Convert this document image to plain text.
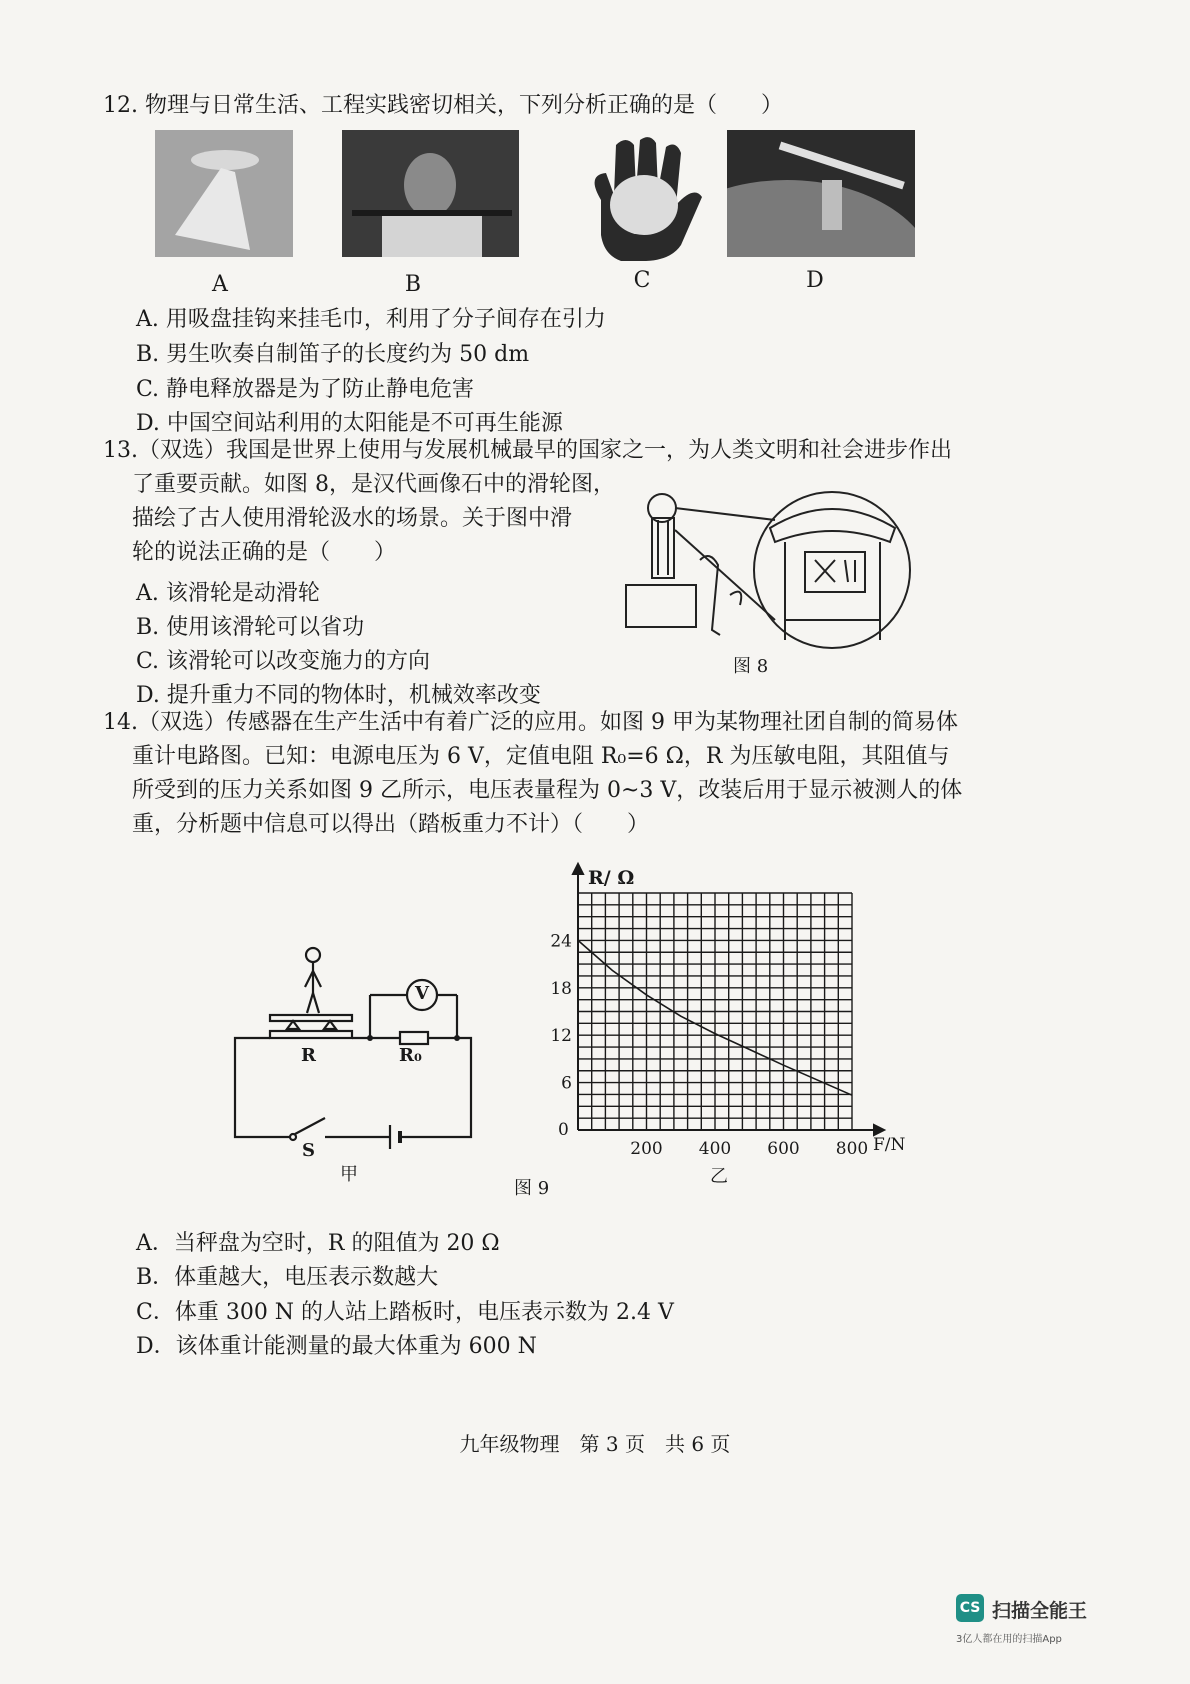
12. 物理与日常生活、工程实践密切相关，下列分析正确的是（　　）
A	B	C	D
A. 用吸盘挂钩来挂毛巾，利用了分子间存在引力
B. 男生吹奏自制笛子的长度约为 50 dm
C. 静电释放器是为了防止静电危害
D. 中国空间站利用的太阳能是不可再生能源
13.（双选）我国是世界上使用与发展机械最早的国家之一，为人类文明和社会进步作出
了重要贡献。如图 8，是汉代画像石中的滑轮图，
描绘了古人使用滑轮汲水的场景。关于图中滑
轮的说法正确的是（　　）
A. 该滑轮是动滑轮
B. 使用该滑轮可以省功
C. 该滑轮可以改变施力的方向
D. 提升重力不同的物体时，机械效率改变
图 8
14.（双选）传感器在生产生活中有着广泛的应用。如图 9 甲为某物理社团自制的简易体
重计电路图。已知：电源电压为 6 V，定值电阻 R₀=6 Ω，R 为压敏电阻，其阻值与
所受到的压力关系如图 9 乙所示，电压表量程为 0~3 V，改装后用于显示被测人的体
重，分析题中信息可以得出（踏板重力不计）（　　）
R	R₀
V
S
甲
图 9
0
200 400 600 800
6
12
18
24
R/ Ω
F/N
乙
A．当秤盘为空时，R 的阻值为 20 Ω
B．体重越大，电压表示数越大
C．体重 300 N 的人站上踏板时，电压表示数为 2.4 V
D．该体重计能测量的最大体重为 600 N
九年级物理　第 3 页　共 6 页
CS 扫描全能王
3亿人都在用的扫描App
